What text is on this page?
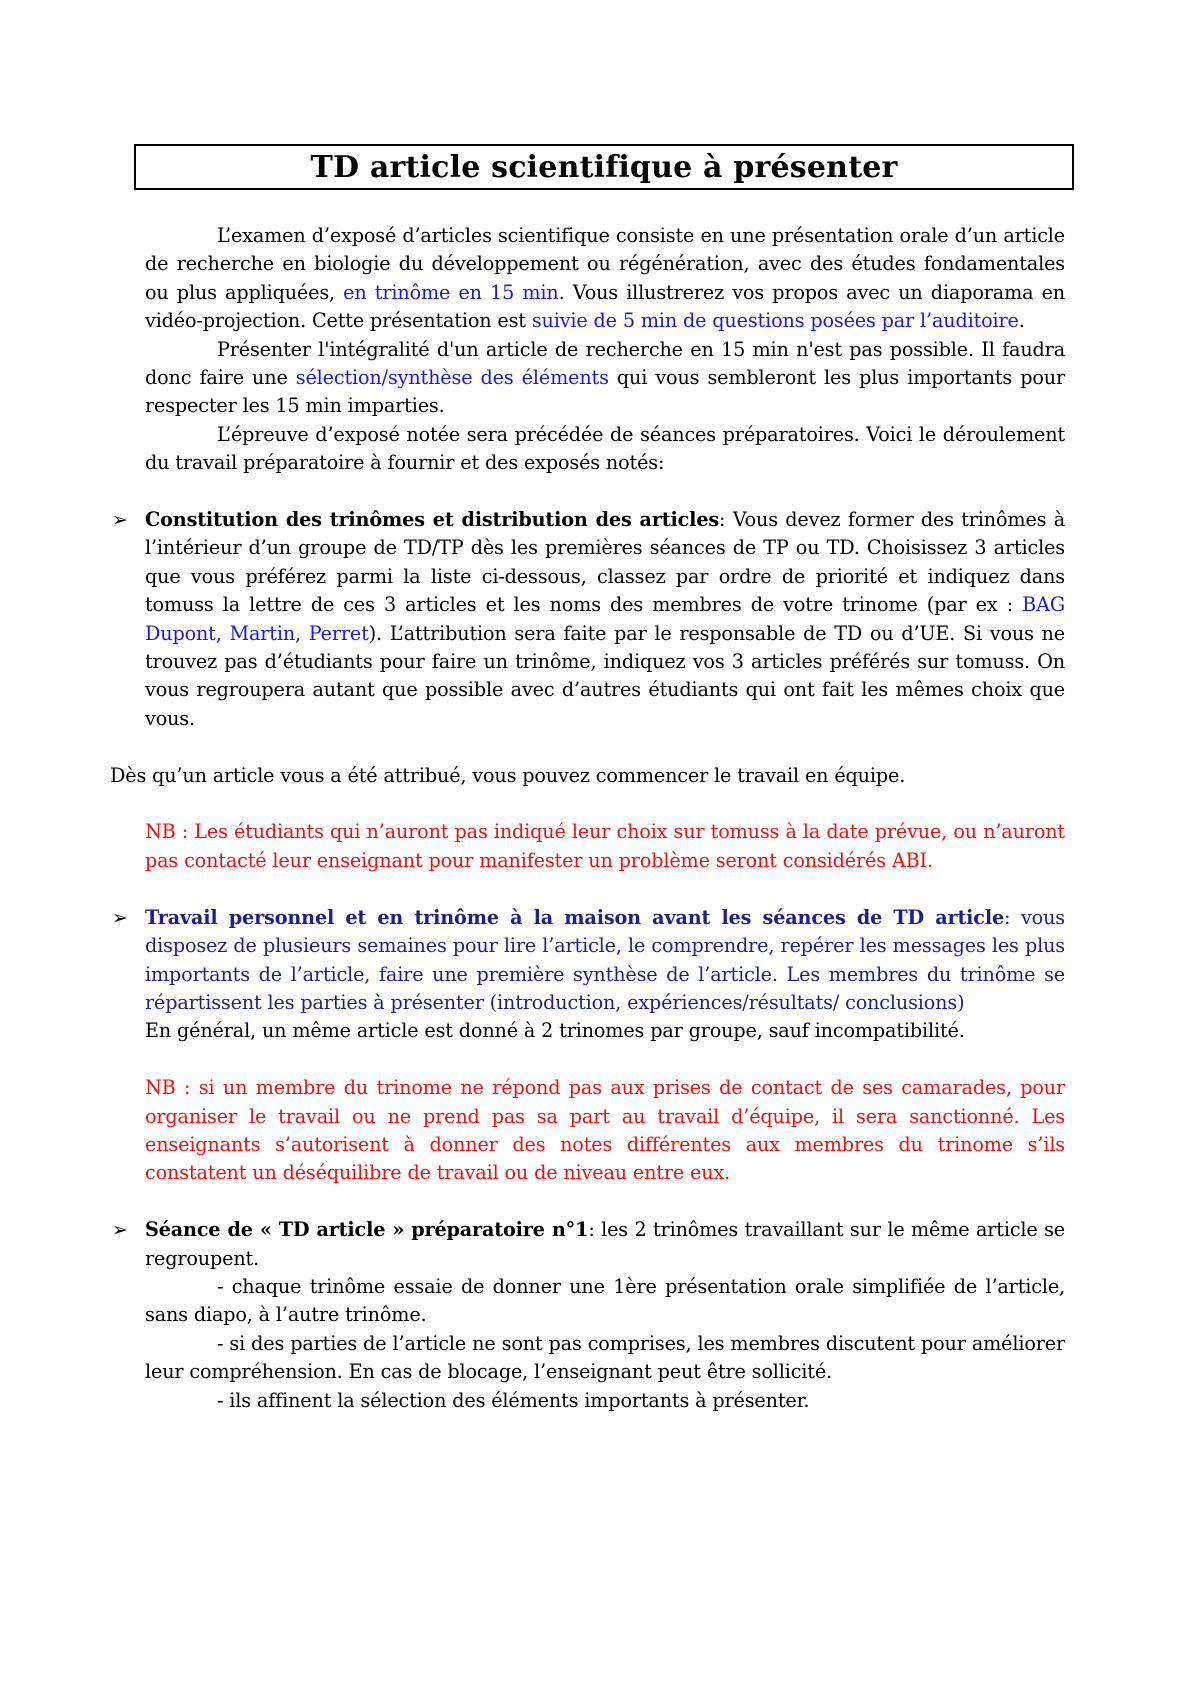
TD article scientifique à présenter

L’examen d’exposé d’articles scientifique consiste en une présentation orale d’un article de recherche en biologie du développement ou régénération, avec des études fondamentales ou plus appliquées, en trinôme en 15 min. Vous illustrerez vos propos avec un diaporama en vidéo-projection. Cette présentation est suivie de 5 min de questions posées par l’auditoire.

Présenter l'intégralité d'un article de recherche en 15 min n'est pas possible. Il faudra donc faire une sélection/synthèse des éléments qui vous sembleront les plus importants pour respecter les 15 min imparties.

L’épreuve d’exposé notée sera précédée de séances préparatoires. Voici le déroulement du travail préparatoire à fournir et des exposés notés:

➢ Constitution des trinômes et distribution des articles: Vous devez former des trinômes à l’intérieur d’un groupe de TD/TP dès les premières séances de TP ou TD. Choisissez 3 articles que vous préférez parmi la liste ci-dessous, classez par ordre de priorité et indiquez dans tomuss la lettre de ces 3 articles et les noms des membres de votre trinome (par ex : BAG Dupont, Martin, Perret). L’attribution sera faite par le responsable de TD ou d’UE. Si vous ne trouvez pas d’étudiants pour faire un trinôme, indiquez vos 3 articles préférés sur tomuss. On vous regroupera autant que possible avec d’autres étudiants qui ont fait les mêmes choix que vous.

Dès qu’un article vous a été attribué, vous pouvez commencer le travail en équipe.

NB : Les étudiants qui n’auront pas indiqué leur choix sur tomuss à la date prévue, ou n’auront pas contacté leur enseignant pour manifester un problème seront considérés ABI.

➢ Travail personnel et en trinôme à la maison avant les séances de TD article: vous disposez de plusieurs semaines pour lire l’article, le comprendre, repérer les messages les plus importants de l’article, faire une première synthèse de l’article. Les membres du trinôme se répartissent les parties à présenter (introduction, expériences/résultats/ conclusions)

En général, un même article est donné à 2 trinomes par groupe, sauf incompatibilité.

NB : si un membre du trinome ne répond pas aux prises de contact de ses camarades, pour organiser le travail ou ne prend pas sa part au travail d’équipe, il sera sanctionné. Les enseignants s’autorisent à donner des notes différentes aux membres du trinome s’ils constatent un déséquilibre de travail ou de niveau entre eux.

➢ Séance de « TD article » préparatoire n°1: les 2 trinômes travaillant sur le même article se regroupent.

- chaque trinôme essaie de donner une 1ère présentation orale simplifiée de l’article, sans diapo, à l’autre trinôme.

- si des parties de l’article ne sont pas comprises, les membres discutent pour améliorer leur compréhension. En cas de blocage, l’enseignant peut être sollicité.

- ils affinent la sélection des éléments importants à présenter.
